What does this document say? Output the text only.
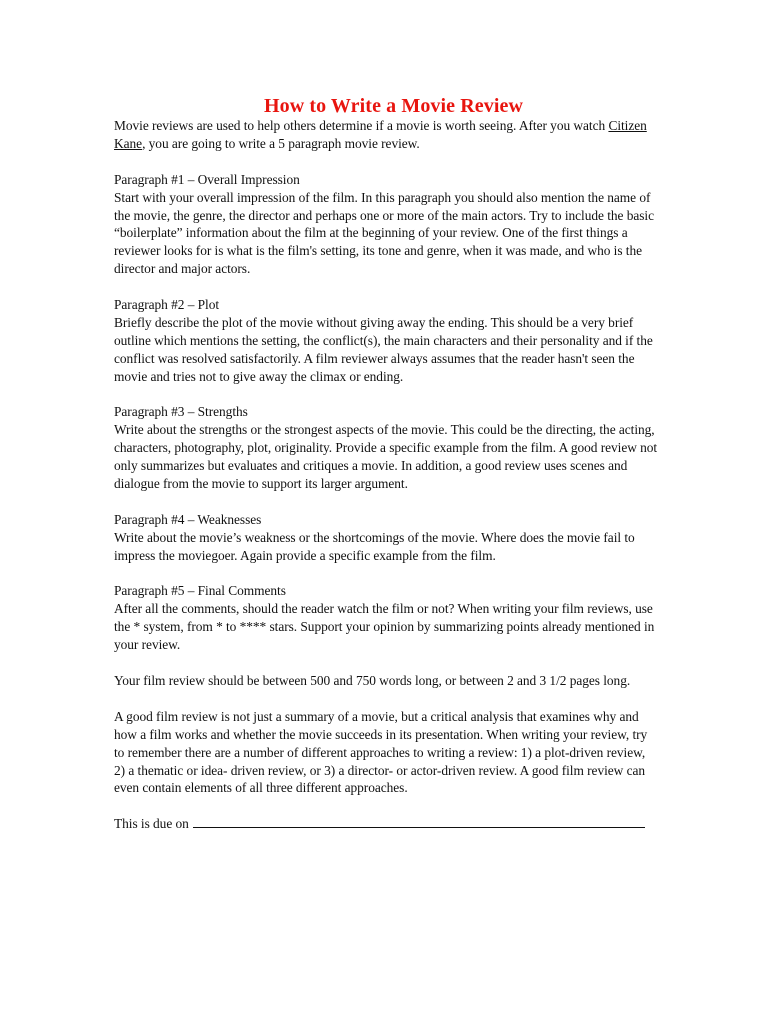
How to Write a Movie Review
Movie reviews are used to help others determine if a movie is worth seeing. After you watch Citizen Kane, you are going to write a 5 paragraph movie review.
Paragraph #1 – Overall Impression
Start with your overall impression of the film. In this paragraph you should also mention the name of the movie, the genre, the director and perhaps one or more of the main actors. Try to include the basic “boilerplate” information about the film at the beginning of your review. One of the first things a reviewer looks for is what is the film's setting, its tone and genre, when it was made, and who is the director and major actors.
Paragraph #2 – Plot
Briefly describe the plot of the movie without giving away the ending. This should be a very brief outline which mentions the setting, the conflict(s), the main characters and their personality and if the conflict was resolved satisfactorily. A film reviewer always assumes that the reader hasn't seen the movie and tries not to give away the climax or ending.
Paragraph #3 – Strengths
Write about the strengths or the strongest aspects of the movie. This could be the directing, the acting, characters, photography, plot, originality. Provide a specific example from the film. A good review not only summarizes but evaluates and critiques a movie. In addition, a good review uses scenes and dialogue from the movie to support its larger argument.
Paragraph #4 – Weaknesses
Write about the movie’s weakness or the shortcomings of the movie. Where does the movie fail to impress the moviegoer. Again provide a specific example from the film.
Paragraph #5 – Final Comments
After all the comments, should the reader watch the film or not? When writing your film reviews, use the * system, from * to **** stars. Support your opinion by summarizing points already mentioned in your review.
Your film review should be between 500 and 750 words long, or between 2 and 3 1/2 pages long.
A good film review is not just a summary of a movie, but a critical analysis that examines why and how a film works and whether the movie succeeds in its presentation. When writing your review, try to remember there are a number of different approaches to writing a review: 1) a plot-driven review, 2) a thematic or idea- driven review, or 3) a director- or actor-driven review. A good film review can even contain elements of all three different approaches.
This is due on
